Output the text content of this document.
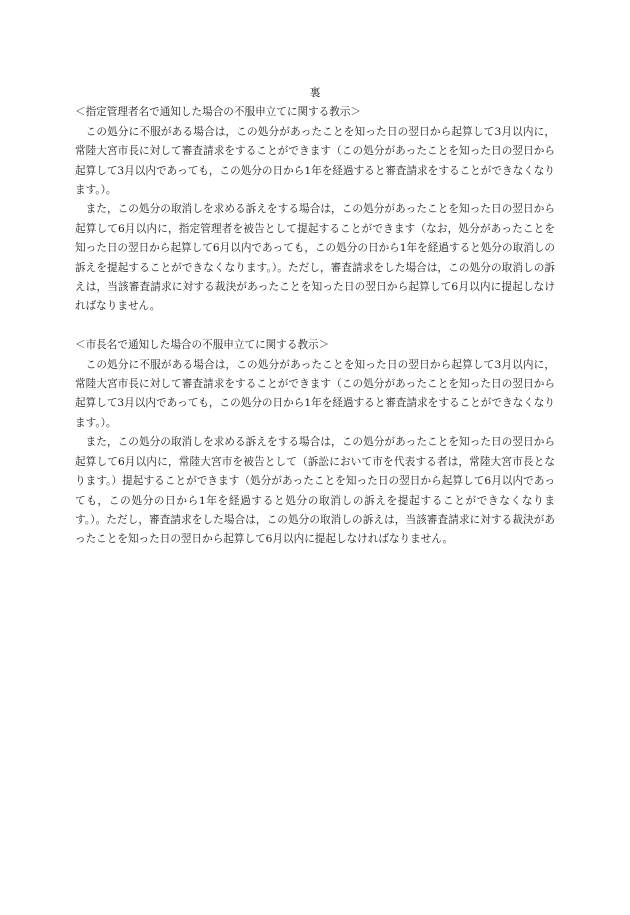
裏

＜指定管理者名で通知した場合の不服申立てに関する教示＞

この処分に不服がある場合は，この処分があったことを知った日の翌日から起算して3月以内に，常陸大宮市長に対して審査請求をすることができます（この処分があったことを知った日の翌日から起算して3月以内であっても，この処分の日から1年を経過すると審査請求をすることができなくなります。）。

また，この処分の取消しを求める訴えをする場合は，この処分があったことを知った日の翌日から起算して6月以内に，指定管理者を被告として提起することができます（なお，処分があったことを知った日の翌日から起算して6月以内であっても，この処分の日から1年を経過すると処分の取消しの訴えを提起することができなくなります。）。ただし，審査請求をした場合は，この処分の取消しの訴えは，当該審査請求に対する裁決があったことを知った日の翌日から起算して6月以内に提起しなければなりません。

＜市長名で通知した場合の不服申立てに関する教示＞

この処分に不服がある場合は，この処分があったことを知った日の翌日から起算して3月以内に，常陸大宮市長に対して審査請求をすることができます（この処分があったことを知った日の翌日から起算して3月以内であっても，この処分の日から1年を経過すると審査請求をすることができなくなります。）。

また，この処分の取消しを求める訴えをする場合は，この処分があったことを知った日の翌日から起算して6月以内に，常陸大宮市を被告として（訴訟において市を代表する者は，常陸大宮市長となります。）提起することができます（処分があったことを知った日の翌日から起算して6月以内であっても，この処分の日から1年を経過すると処分の取消しの訴えを提起することができなくなります。）。ただし，審査請求をした場合は，この処分の取消しの訴えは，当該審査請求に対する裁決があったことを知った日の翌日から起算して6月以内に提起しなければなりません。
